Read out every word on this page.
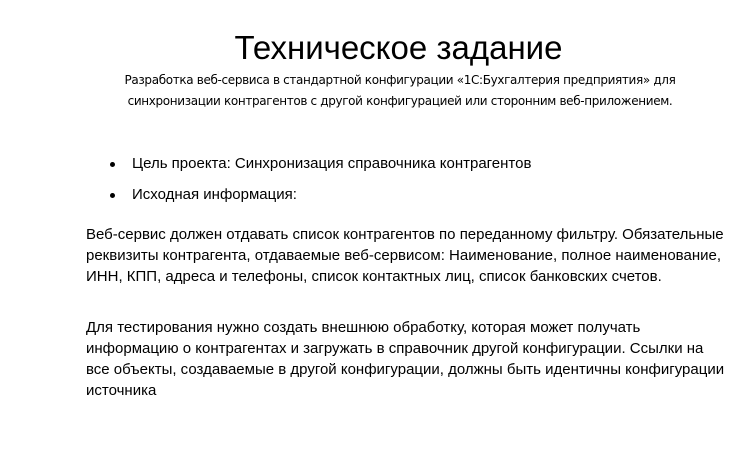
Техническое задание

Разработка веб-сервиса в стандартной конфигурации «1С:Бухгалтерия предприятия» для синхронизации контрагентов с другой конфигурацией или сторонним веб-приложением.

Цель проекта: Синхронизация справочника контрагентов
Исходная информация:

Веб-сервис должен отдавать список контрагентов по переданному фильтру. Обязательные реквизиты контрагента, отдаваемые веб-сервисом: Наименование, полное наименование, ИНН, КПП, адреса и телефоны, список контактных лиц, список банковских счетов.

Для тестирования нужно создать внешнюю обработку, которая может получать информацию о контрагентах и загружать в справочник другой конфигурации. Ссылки на все объекты, создаваемые в другой конфигурации, должны быть идентичны конфигурации источника
